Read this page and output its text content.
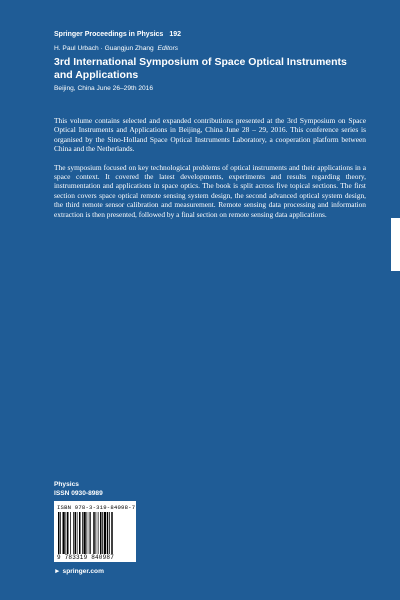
Springer Proceedings in Physics 192
H. Paul Urbach · Guangjun Zhang Editors
3rd International Symposium of Space Optical Instruments and Applications
Beijing, China June 26–29th 2016

This volume contains selected and expanded contributions presented at the 3rd Symposium on Space Optical Instruments and Applications in Beijing, China June 28 – 29, 2016. This conference series is organised by the Sino-Holland Space Optical Instruments Laboratory, a cooperation platform between China and the Netherlands.

The symposium focused on key technological problems of optical instruments and their applications in a space context. It covered the latest developments, experiments and results regarding theory, instrumentation and applications in space optics. The book is split across five topical sections. The first section covers space optical remote sensing system design, the second advanced optical system design, the third remote sensor calibration and measurement. Remote sensing data processing and information extraction is then presented, followed by a final section on remote sensing data applications.

Physics
ISSN 0930-8989
ISBN 978-3-319-84098-7
9 783319 840987
► springer.com
